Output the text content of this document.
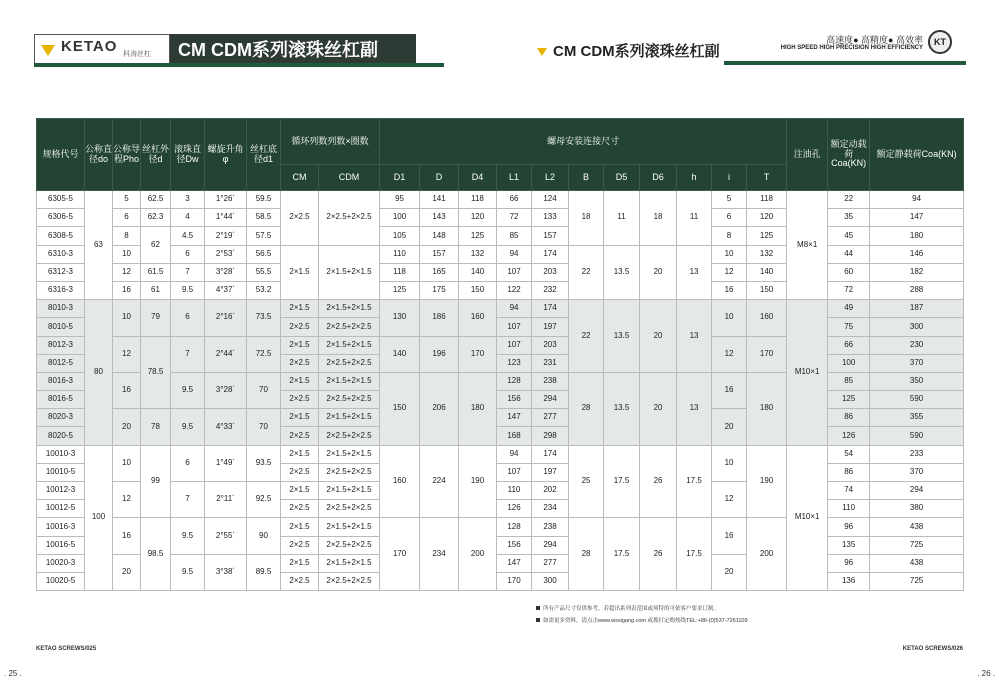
KETAO 科涛丝杠	CM CDM系列滚珠丝杠副	CM CDM系列滚珠丝杠副
高速度● 高精度● 高效率
HIGH SPEED HIGH PRECISION HIGH EFFICIENCY
KT
规格代号	公称直径do	公称导程Pho	丝杠外径d	滚珠直径Dw	螺旋升角φ	丝杠底径d1	循环列数列数×圈数		螺母安装连接尺寸											注油孔	额定动载荷Coa(KN)	额定静载荷Coa(KN)
							CM	CDM	D1	D	D4	L1	L2	B	D5	D6	h	i	T			
6305-5	63	5	62.5	3	1°26´	59.5	2×2.5	2×2.5+2×2.5	95	141	118	66	124	18	11	18	11	5	118	M8×1	22	94
6306-5		6	62.3	4	1°44´	58.5			100	143	120	72	133					6	120		35	147
6308-5		8	62	4.5	2°19´	57.5			105	148	125	85	157					8	125		45	180
6310-3		10		6	2°53´	56.5	2×1.5	2×1.5+2×1.5	110	157	132	94	174	22	13.5	20	13	10	132		44	146
6312-3		12	61.5	7	3°28´	55.5			118	165	140	107	203					12	140		60	182
6316-3		16	61	9.5	4°37´	53.2			125	175	150	122	232					16	150		72	288
8010-3	80	10	79	6	2°16´	73.5	2×1.5	2×1.5+2×1.5	130	186	160	94	174	22	13.5	20	13	10	160	M10×1	49	187
8010-5							2×2.5	2×2.5+2×2.5				107	197								75	300
8012-3		12	78.5	7	2°44´	72.5	2×1.5	2×1.5+2×1.5	140	196	170	107	203					12	170		66	230
8012-5							2×2.5	2×2.5+2×2.5				123	231								100	370
8016-3		16		9.5	3°28´	70	2×1.5	2×1.5+2×1.5	150	206	180	128	238	28	13.5	20	13	16	180		85	350
8016-5							2×2.5	2×2.5+2×2.5				156	294								125	590
8020-3		20	78	9.5	4°33´	70	2×1.5	2×1.5+2×1.5				147	277					20			86	355
8020-5							2×2.5	2×2.5+2×2.5				168	298								126	590
10010-3	100	10	99	6	1°49´	93.5	2×1.5	2×1.5+2×1.5	160	224	190	94	174	25	17.5	26	17.5	10	190	M10×1	54	233
10010-5							2×2.5	2×2.5+2×2.5				107	197								86	370
10012-3		12		7	2°11´	92.5	2×1.5	2×1.5+2×1.5				110	202					12			74	294
10012-5							2×2.5	2×2.5+2×2.5				126	234								110	380
10016-3		16	98.5	9.5	2°55´	90	2×1.5	2×1.5+2×1.5	170	234	200	128	238	28	17.5	26	17.5	16	200		96	438
10016-5							2×2.5	2×2.5+2×2.5				156	294								135	725
10020-3		20		9.5	3°38´	89.5	2×1.5	2×1.5+2×1.5				147	277					20			96	438
10020-5							2×2.5	2×2.5+2×2.5				170	300								136	725
所有产品尺寸仅供参考，若超出系列表范围或须特的可依客户要求订制。
如需更多资料，请点击www.wssigang.com 或拨打定购热线TEL:+86-(0)537-7261109
KETAO SCREWS/025	KETAO SCREWS/026
. 25 .	. 26 .
